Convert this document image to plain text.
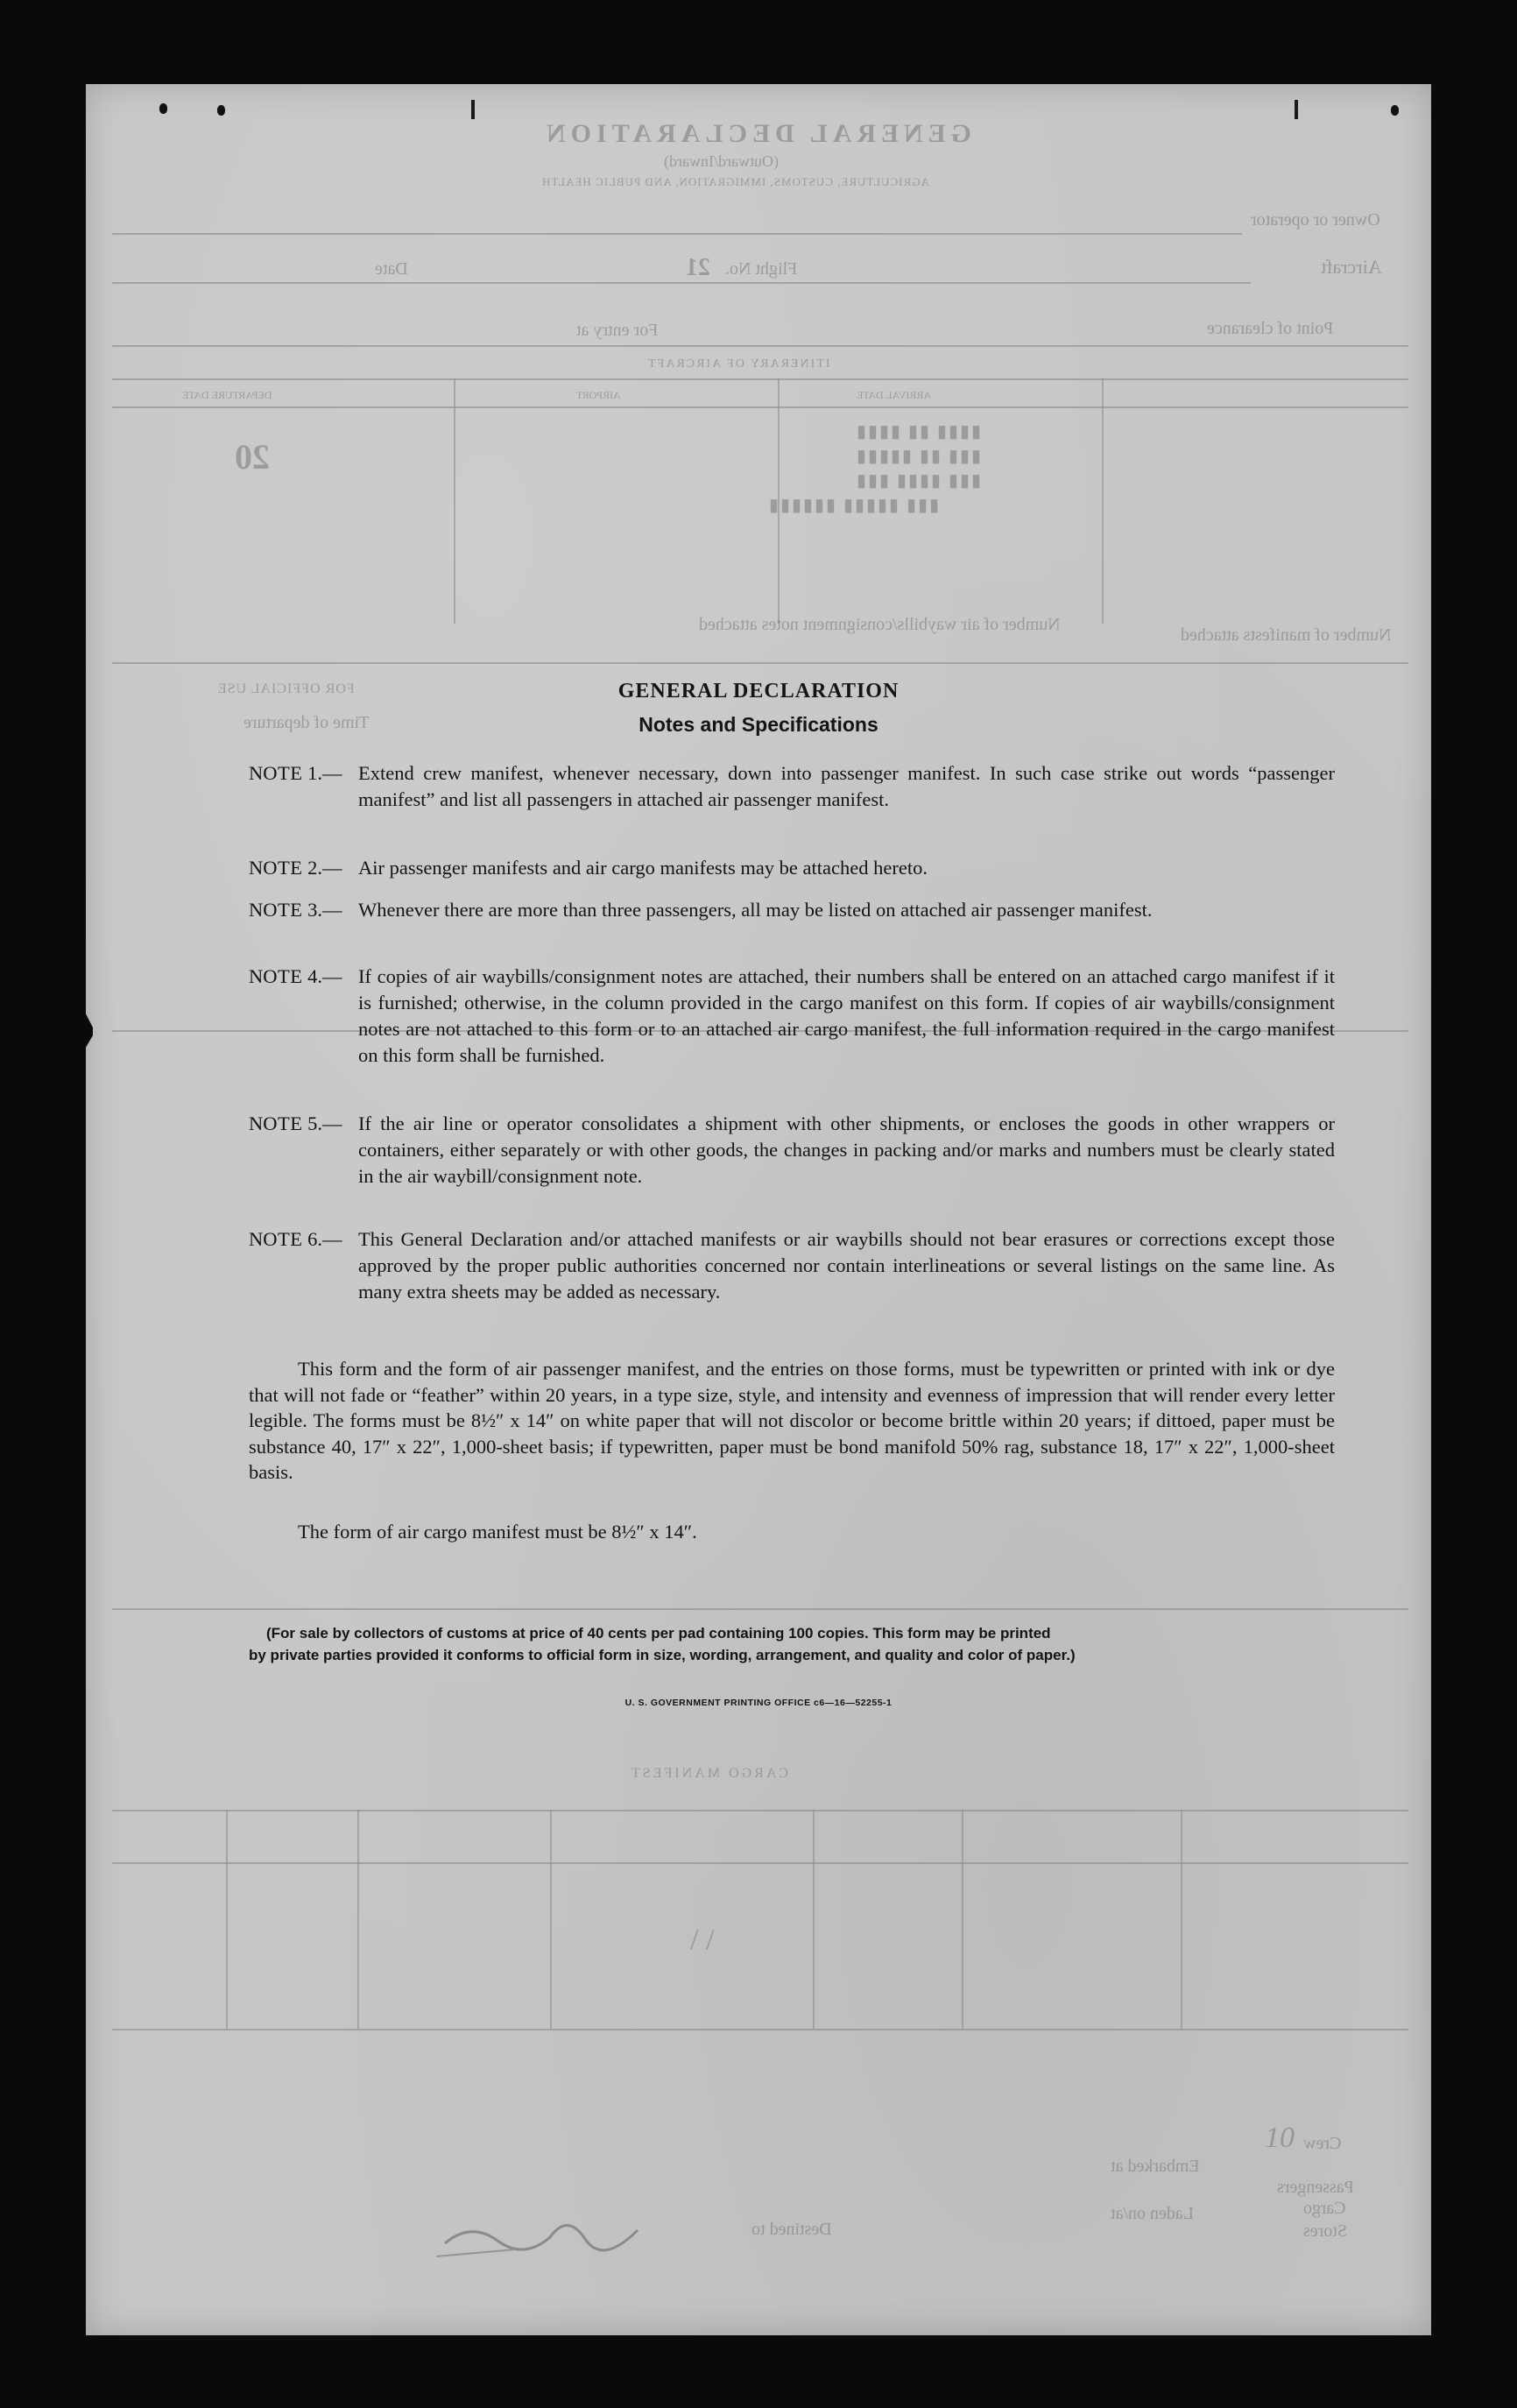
GENERAL DECLARATION
(Outward/Inward)
AGRICULTURE, CUSTOMS, IMMIGRATION, AND PUBLIC HEALTH
Owner or operator
Aircraft
Flight No.
21
Date
Point of clearance
For entry at
ITINERARY OF AIRCRAFT
DEPARTURE DATE	AIRPORT	ARRIVAL DATE
20
▮▮▮▮ ▮▮ ▮▮▮▮
▮▮▮▮▮ ▮▮ ▮▮▮
▮▮▮ ▮▮▮▮ ▮▮▮
▮▮▮▮▮▮ ▮▮▮▮▮ ▮▮▮
Number of manifests attached
Number of air waybills/consignment notes attached
FOR OFFICIAL USE
Time of departure
CARGO MANIFEST
/ /
Crew
10
Embarked at
Passengers
Cargo
Laden on/at
Stores
Destined to
GENERAL DECLARATION
Notes and Specifications
NOTE 1.— Extend crew manifest, whenever necessary, down into passenger manifest. In such case strike out words “passenger manifest” and list all passengers in attached air passenger manifest.
NOTE 2.— Air passenger manifests and air cargo manifests may be attached hereto.
NOTE 3.— Whenever there are more than three passengers, all may be listed on attached air passenger manifest.
NOTE 4.— If copies of air waybills/consignment notes are attached, their numbers shall be entered on an attached cargo manifest if it is furnished; otherwise, in the column provided in the cargo manifest on this form. If copies of air waybills/consignment notes are not attached to this form or to an attached air cargo manifest, the full information required in the cargo manifest on this form shall be furnished.
NOTE 5.— If the air line or operator consolidates a shipment with other shipments, or encloses the goods in other wrappers or containers, either separately or with other goods, the changes in packing and/or marks and numbers must be clearly stated in the air waybill/consignment note.
NOTE 6.— This General Declaration and/or attached manifests or air waybills should not bear erasures or corrections except those approved by the proper public authorities concerned nor contain interlineations or several listings on the same line. As many extra sheets may be added as necessary.
This form and the form of air passenger manifest, and the entries on those forms, must be typewritten or printed with ink or dye that will not fade or “feather” within 20 years, in a type size, style, and intensity and evenness of impression that will render every letter legible. The forms must be 8½″ x 14″ on white paper that will not discolor or become brittle within 20 years; if dittoed, paper must be substance 40, 17″ x 22″, 1,000-sheet basis; if typewritten, paper must be bond manifold 50% rag, substance 18, 17″ x 22″, 1,000-sheet basis.
The form of air cargo manifest must be 8½″ x 14″.
(For sale by collectors of customs at price of 40 cents per pad containing 100 copies. This form may be printed
by private parties provided it conforms to official form in size, wording, arrangement, and quality and color of paper.)
U. S. GOVERNMENT PRINTING OFFICE c6—16—52255-1
